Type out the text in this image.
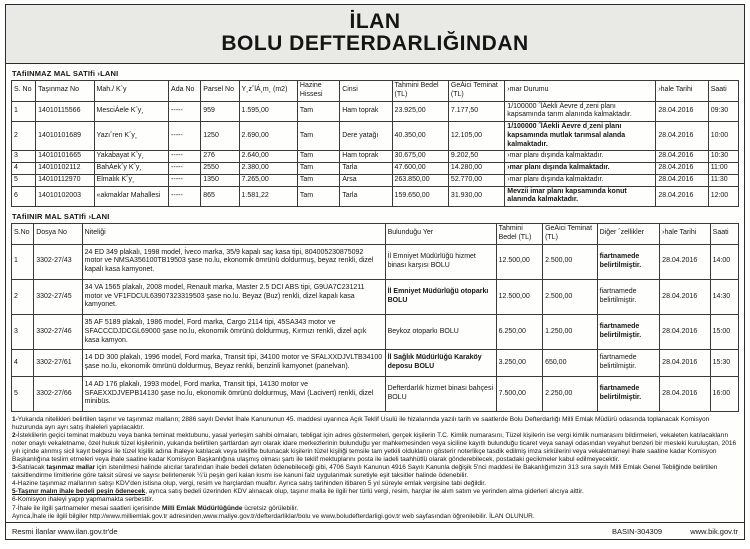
İLAN
BOLU DEFTERDARLIĞINDAN
TAfiINMAZ MAL SATIfi ›LANI
S. No	Taşınmaz No	Mah./ Kˆy	Ada No	Parsel No	Y¸zˆlÁ¸m¸ (m2)	Hazine Hissesi	Cinsi	Tahmini Bedel (TL)	GeÁici Teminat (TL)	›mar Durumu	›hale Tarihi	Saati
1	14010115566	MesciÁele Kˆy¸	-----	959	1.595,00	Tam	Ham toprak	23.925,00	7.177,50	1/100000 ˆlÁekli Áevre d¸zeni planı kapsamında tarım alanında kalmaktadır.	28.04.2016	09:30
2	14010101689	Yazıˆren Kˆy¸	-----	1250	2.690,00	Tam	Dere yatağı	40.350,00	12.105,00	1/100000 ˆlÁekli Áevre d¸zeni planı kapsamında mutlak tarımsal alanda kalmaktadır.	28.04.2016	10:00
3	14010101665	Yakabayat Kˆy¸	-----	276	2.640,00	Tam	Ham toprak	30.675,00	9.202,50	›mar planı dışında kalmaktadır.	28.04.2016	10:30
4	14010102112	BahÁekˆy Kˆy¸	-----	2550	2.380,00	Tam	Tarla	47.600,00	14.280,00	›mar planı dışında kalmaktadır.	28.04.2016	11:00
5	14010112970	Elmalık Kˆy¸	-----	1350	7.265,00	Tam	Arsa	263.850,00	52.770,00	›mar planı dışında kalmaktadır.	28.04.2016	11:30
6	14010102003	«akmaklar Mahallesi	-----	865	1.581,22	Tam	Tarla	159.650,00	31.930,00	Mevzii imar planı kapsamında konut alanında kalmaktadır.	28.04.2016	12:00
TAfiINIR MAL SATIfi ›LANI
S.No	Dosya No	Niteliği	Bulunduğu Yer	Tahmini Bedel (TL)	GeÁici Teminat (TL)	Diğer ˆzellikler	›hale Tarihi	Saati
1	3302-27/43	24 ED 349 plakalı, 1998 model, İveco marka, 35/9 kapalı saç kasa tipi, 804005230875092 motor ve NMSA356100TB19503 şase no.lu, ekonomik ömrünü doldurmuş, beyaz renkli, dizel kapalı kasa kamyonet.	İl Emniyet Müdürlüğü hizmet binası karşısı BOLU	12.500,00	2.500,00	fiartnamede belirtilmiştir.	28.04.2016	14:00
2	3302-27/45	34 VA 1565 plakalı, 2008 model, Renault marka, Master 2.5 DCI ABS tipi, G9UA7C231211 motor ve VF1FDCUL63907323319503 şase no.lu. Beyaz (Buz) renkli, dizel kapalı kasa kamyonet.	İl Emniyet Müdürlüğü otoparkı BOLU	12.500,00	2.500,00	fiartnamede belirtilmiştir.	28.04.2016	14:30
3	3302-27/46	35 AF 5189 plakalı, 1986 model, Ford marka, Cargo 2114 tipi, 45SA343 motor ve SFACCCDJDCGL69000 şase no.lu, ekonomik ömrünü doldurmuş, Kırmızı renkli, dizel açık kasa kamyon.	Beykoz otoparkı BOLU	6.250,00	1.250,00	fiartnamede belirtilmiştir.	28.04.2016	15:00
4	3302-27/61	14 DD 300 plakalı, 1996 model, Ford marka, Transit tipi, 34100 motor ve SFALXXDJVLTB34100 şase no.lu, ekonomik ömrünü doldurmuş, Beyaz renkli, benzinli kamyonet (panelvan).	İl Sağlık Müdürlüğü Karaköy deposu BOLU	3.250,00	650,00	fiartnamede belirtilmiştir.	28.04.2016	15:30
5	3302-27/66	14 AD 176 plakalı, 1993 model, Ford marka, Transit tipi, 14130 motor ve SFAEXXDJVEPB14130 şase no.lu, ekonomik ömrünü doldurmuş, Mavi (Lacivert) renkli, dizel minibüs.	Defterdarlık hizmet binası bahçesi BOLU	7.500,00	2.250,00	fiartnamede belirtilmiştir.	28.04.2016	16:00
1-Yukarıda nitelikleri belirtilen taşınır ve taşınmaz malların; 2886 sayılı Devlet İhale Kanununun 45. maddesi uyarınca Açık Teklif Usulü ile hizalarında yazılı tarih ve saatlerde Bolu Defterdarlığı Milli Emlak Müdürü odasında toplanacak Komisyon huzurunda ayrı ayrı satış ihaleleri yapılacaktır.
2-İsteklilerin geçici teminat makbuzu veya banka teminat mektubunu, yasal yerleşim sahibi olmaları, tebligat için adres göstermeleri, gerçek kişilerin T.C. Kimlik numarasını, Tüzel kişilerin ise vergi kimlik numarasını bildirmeleri, vekaleten katılacakların noter onaylı vekaletname, özel hukuk tüzel kişilerinin, yukarıda belirtilen şartlardan ayrı olarak idare merkezlerinin bulunduğu yer mahkemesinden veya siciline kayıtlı bulunduğu ticaret veya sanayi odasından veyahut benzeri bir mesleki kuruluştan, 2016 yılı içinde alınmış sicil kayıt belgesi ile tüzel kişilik adına ihaleye katılacak veya teklifte bulunacak kişilerin tüzel kişiliği temsile tam yetkili olduklarını gösterir noterlikçe tasdik edilmiş imza sirkülerini veya vekaletnameyi ihale saatine kadar Komisyon Başkanlığına teslim etmeleri veya ihale saatine kadar Komisyon Başkanlığına ulaşmış olması şartı ile teklif mektuplarını posta ile iadeli taahhütlü olarak gönderebilecek, postadaki gecikmeler kabul edilmeyecektir.
3-Satılacak taşınmaz mallar için istenilmesi halinde alıcılar tarafından ihale bedeli defaten ödenebileceği gibi, 4706 Sayılı Kanunun 4916 Sayılı Kanunla değişik 5'nci maddesi ile Bakanlığımızın 313 sıra sayılı Milli Emlak Genel Tebliğinde belirtilen taksitlendirme limitlerine göre taksit süresi ve sayısı belirlenerek ¼'ü peşin geri kalan kısmı ise kanuni faiz uygulanmak suretiyle eşit taksitler halinde ödenebilir.
4-Hazine taşınmaz mallarının satışı KDV'den istisna olup, vergi, resim ve harçlardan muaftır. Ayrıca satış tarihinden itibaren 5 yıl süreyle emlak vergisine tabi değildir.
5-Taşınır malın ihale bedeli peşin ödenecek, ayrıca satış bedeli üzerinden KDV alınacak olup, taşınır malla ile ilgili her türlü vergi, resim, harçlar ile alım satım ve yerinden alma giderleri alıcıya aittir.
6-Komisyon ihaleyi yapıp yapmamakta serbesttir.
7-İhale ile ilgili şartnameler mesai saatleri içerisinde Milli Emlak Müdürlüğünde ücretsiz görülebilir.
Ayrıca,İhale ile ilgili bilgiler http://www.milliemlak.gov.tr adresinden,www.maliye.gov.tr/defterdarliklar/bolu ve www.boludefterdarligi.gov.tr web sayfasından öğrenilebilir. İLAN OLUNUR.
Resmi İlanlar www.ilan.gov.tr'de	BASIN-304309	www.bik.gov.tr
